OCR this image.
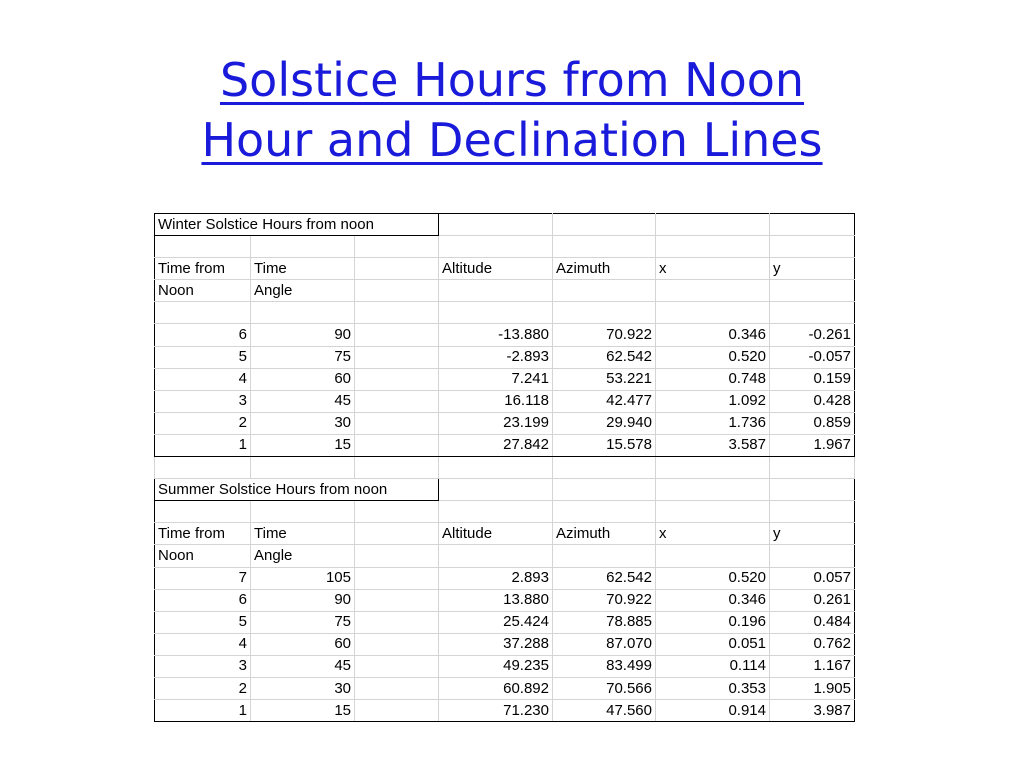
Solstice Hours from Noon
Hour and Declination Lines
Winter Solstice Hours from noon						

Time from	Time		Altitude	Azimuth	x	y
Noon	Angle					

6	90		-13.880	70.922	0.346	-0.261
5	75		-2.893	62.542	0.520	-0.057
4	60		7.241	53.221	0.748	0.159
3	45		16.118	42.477	1.092	0.428
2	30		23.199	29.940	1.736	0.859
1	15		27.842	15.578	3.587	1.967

Summer Solstice Hours from noon						

Time from	Time		Altitude	Azimuth	x	y
Noon	Angle					
7	105		2.893	62.542	0.520	0.057
6	90		13.880	70.922	0.346	0.261
5	75		25.424	78.885	0.196	0.484
4	60		37.288	87.070	0.051	0.762
3	45		49.235	83.499	0.114	1.167
2	30		60.892	70.566	0.353	1.905
1	15		71.230	47.560	0.914	3.987
